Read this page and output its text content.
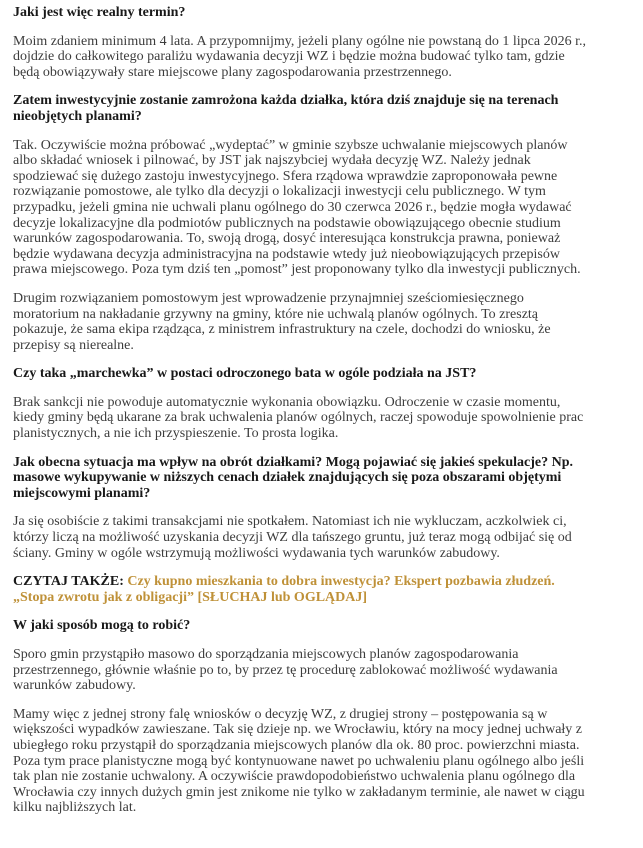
Jaki jest więc realny termin?

Moim zdaniem minimum 4 lata. A przypomnijmy, jeżeli plany ogólne nie powstaną do 1 lipca 2026 r., dojdzie do całkowitego paraliżu wydawania decyzji WZ i będzie można budować tylko tam, gdzie będą obowiązywały stare miejscowe plany zagospodarowania przestrzennego.

Zatem inwestycyjnie zostanie zamrożona każda działka, która dziś znajduje się na terenach nieobjętych planami?

Tak. Oczywiście można próbować „wydeptać” w gminie szybsze uchwalanie miejscowych planów albo składać wniosek i pilnować, by JST jak najszybciej wydała decyzję WZ. Należy jednak spodziewać się dużego zastoju inwestycyjnego. Sfera rządowa wprawdzie zaproponowała pewne rozwiązanie pomostowe, ale tylko dla decyzji o lokalizacji inwestycji celu publicznego. W tym przypadku, jeżeli gmina nie uchwali planu ogólnego do 30 czerwca 2026 r., będzie mogła wydawać decyzje lokalizacyjne dla podmiotów publicznych na podstawie obowiązującego obecnie studium warunków zagospodarowania. To, swoją drogą, dosyć interesująca konstrukcja prawna, ponieważ będzie wydawana decyzja administracyjna na podstawie wtedy już nieobowiązujących przepisów prawa miejscowego. Poza tym dziś ten „pomost” jest proponowany tylko dla inwestycji publicznych.

Drugim rozwiązaniem pomostowym jest wprowadzenie przynajmniej sześciomiesięcznego moratorium na nakładanie grzywny na gminy, które nie uchwalą planów ogólnych. To zresztą pokazuje, że sama ekipa rządząca, z ministrem infrastruktury na czele, dochodzi do wniosku, że przepisy są nierealne.

Czy taka „marchewka” w postaci odroczonego bata w ogóle podziała na JST?

Brak sankcji nie powoduje automatycznie wykonania obowiązku. Odroczenie w czasie momentu, kiedy gminy będą ukarane za brak uchwalenia planów ogólnych, raczej spowoduje spowolnienie prac planistycznych, a nie ich przyspieszenie. To prosta logika.

Jak obecna sytuacja ma wpływ na obrót działkami? Mogą pojawiać się jakieś spekulacje? Np. masowe wykupywanie w niższych cenach działek znajdujących się poza obszarami objętymi miejscowymi planami?

Ja się osobiście z takimi transakcjami nie spotkałem. Natomiast ich nie wykluczam, aczkolwiek ci, którzy liczą na możliwość uzyskania decyzji WZ dla tańszego gruntu, już teraz mogą odbijać się od ściany. Gminy w ogóle wstrzymują możliwości wydawania tych warunków zabudowy.

CZYTAJ TAKŻE: Czy kupno mieszkania to dobra inwestycja? Ekspert pozbawia złudzeń. „Stopa zwrotu jak z obligacji” [SŁUCHAJ lub OGLĄDAJ]

W jaki sposób mogą to robić?

Sporo gmin przystąpiło masowo do sporządzania miejscowych planów zagospodarowania przestrzennego, głównie właśnie po to, by przez tę procedurę zablokować możliwość wydawania warunków zabudowy.

Mamy więc z jednej strony falę wniosków o decyzję WZ, z drugiej strony – postępowania są w większości wypadków zawieszane. Tak się dzieje np. we Wrocławiu, który na mocy jednej uchwały z ubiegłego roku przystąpił do sporządzania miejscowych planów dla ok. 80 proc. powierzchni miasta. Poza tym prace planistyczne mogą być kontynuowane nawet po uchwaleniu planu ogólnego albo jeśli tak plan nie zostanie uchwalony. A oczywiście prawdopodobieństwo uchwalenia planu ogólnego dla Wrocławia czy innych dużych gmin jest znikome nie tylko w zakładanym terminie, ale nawet w ciągu kilku najbliższych lat.
